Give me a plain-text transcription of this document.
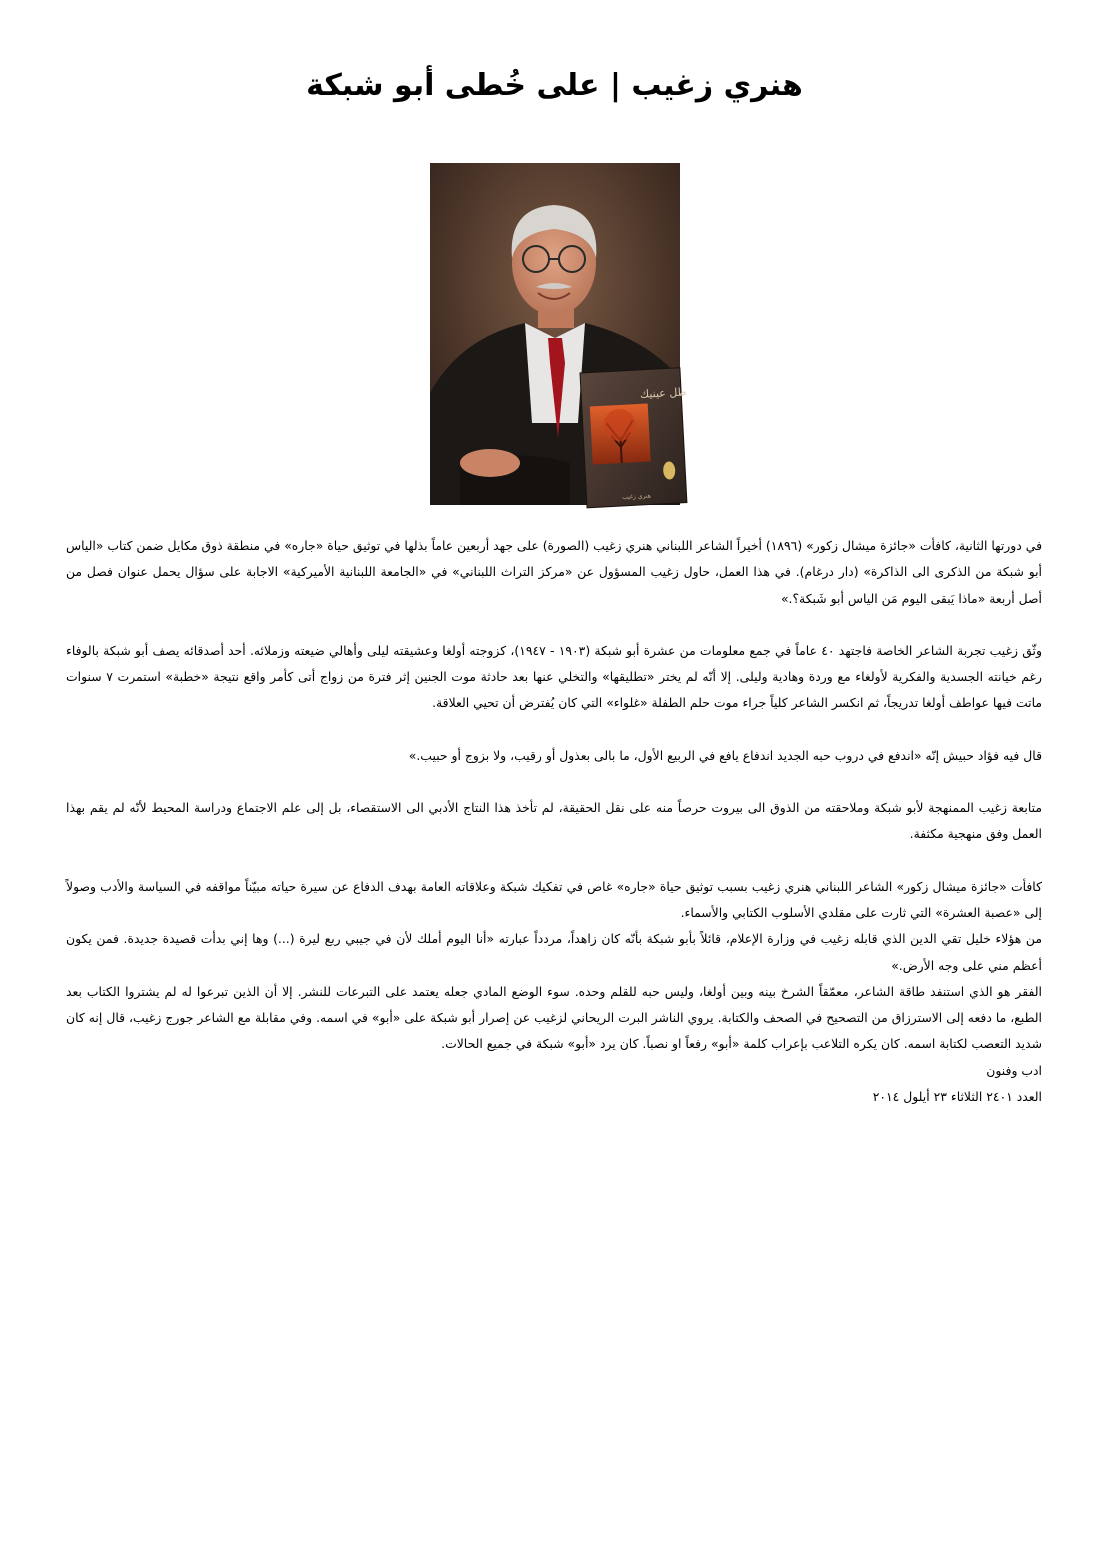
هنري زغيب | على خُطى أبو شبكة
ظل عينيك
هنري زغيب

في دورتها الثانية، كافأت «جائزة ميشال زكور» (١٨٩٦) أخيراً الشاعر اللبناني هنري زغيب (الصورة) على جهد أربعين عاماً بذلها في توثيق حياة «جاره» في منطقة ذوق مكايل ضمن كتاب «الياس أبو شبكة من الذكرى الى الذاكرة» (دار درغام). في هذا العمل، حاول زغيب المسؤول عن «مركز التراث اللبناني» في «الجامعة اللبنانية الأميركية» الاجابة على سؤال يحمل عنوان فصل من أصل أربعة «ماذا يَبقى اليوم مَن الياس أبو شَبكة؟.»

وثّق زغيب تجربة الشاعر الخاصة فاجتهد ٤٠ عاماً في جمع معلومات من عشرة أبو شبكة (١٩٠٣ - ١٩٤٧)، كزوجته أولغا وعشيقته ليلى وأهالي ضيعته وزملائه. أحد أصدقائه يصف أبو شبكة بالوفاء رغم خيانته الجسدية والفكرية لأولغاء مع وردة وهادية وليلى. إلا أنّه لم يختر «تطليقها» والتخلي عنها بعد حادثة موت الجنين إثر فترة من زواج أتى كأمر واقع نتيجة «خطبة» استمرت ٧ سنوات ماتت فيها عواطف أولغا تدريجاً، ثم انكسر الشاعر كلياً جراء موت حلم الطفلة «غلواء» التي كان يُفترض أن تحيي العلاقة.

قال فيه فؤاد حبيش إنّه «اندفع في دروب حبه الجديد اندفاع يافع في الربيع الأول، ما بالى بعذول أو رقيب، ولا بزوج أو حبيب.»

متابعة زغيب الممنهجة لأبو شبكة وملاحقته من الذوق الى بيروت حرصاً منه على نقل الحقيقة، لم تأخذ هذا النتاج الأدبي الى الاستقصاء، بل إلى علم الاجتماع ودراسة المحيط لأنّه لم يقم بهذا العمل وفق منهجية مكثفة.

كافأت «جائزة ميشال زكور» الشاعر اللبناني هنري زغيب بسبب توثيق حياة «جاره» غاص في تفكيك شبكة وعلاقاته العامة بهدف الدفاع عن سيرة حياته مبيّناً مواقفه في السياسة والأدب وصولاً إلى «عصبة العشرة» التي ثارت على مقلدي الأسلوب الكتابي والأسماء.

من هؤلاء خليل تقي الدين الذي قابله زغيب في وزارة الإعلام، قائلاً بأبو شبكة بأنّه كان زاهداً، مردداً عبارته «أنا اليوم أملك لأن في جيبي ربع ليرة (...) وها إني بدأت قصيدة جديدة. فمن يكون أعظم مني على وجه الأرض.»

الفقر هو الذي استنفد طاقة الشاعر، معمّقاً الشرخ بينه وبين أولغا، وليس حبه للقلم وحده. سوء الوضع المادي جعله يعتمد على التبرعات للنشر. إلا أن الذين تبرعوا له لم يشتروا الكتاب بعد الطبع، ما دفعه إلى الاسترزاق من التصحيح في الصحف والكتابة. يروي الناشر البرت الريحاني لزغيب عن إصرار أبو شبكة على «أبو» في اسمه. وفي مقابلة مع الشاعر جورج زغيب، قال إنه كان شديد التعصب لكتابة اسمه. كان يكره التلاعب بإعراب كلمة «أبو» رفعاً او نصباً. كان يرد «أبو» شبكة في جميع الحالات.

ادب وفنون

العدد ٢٤٠١ الثلاثاء ٢٣ أيلول ٢٠١٤
